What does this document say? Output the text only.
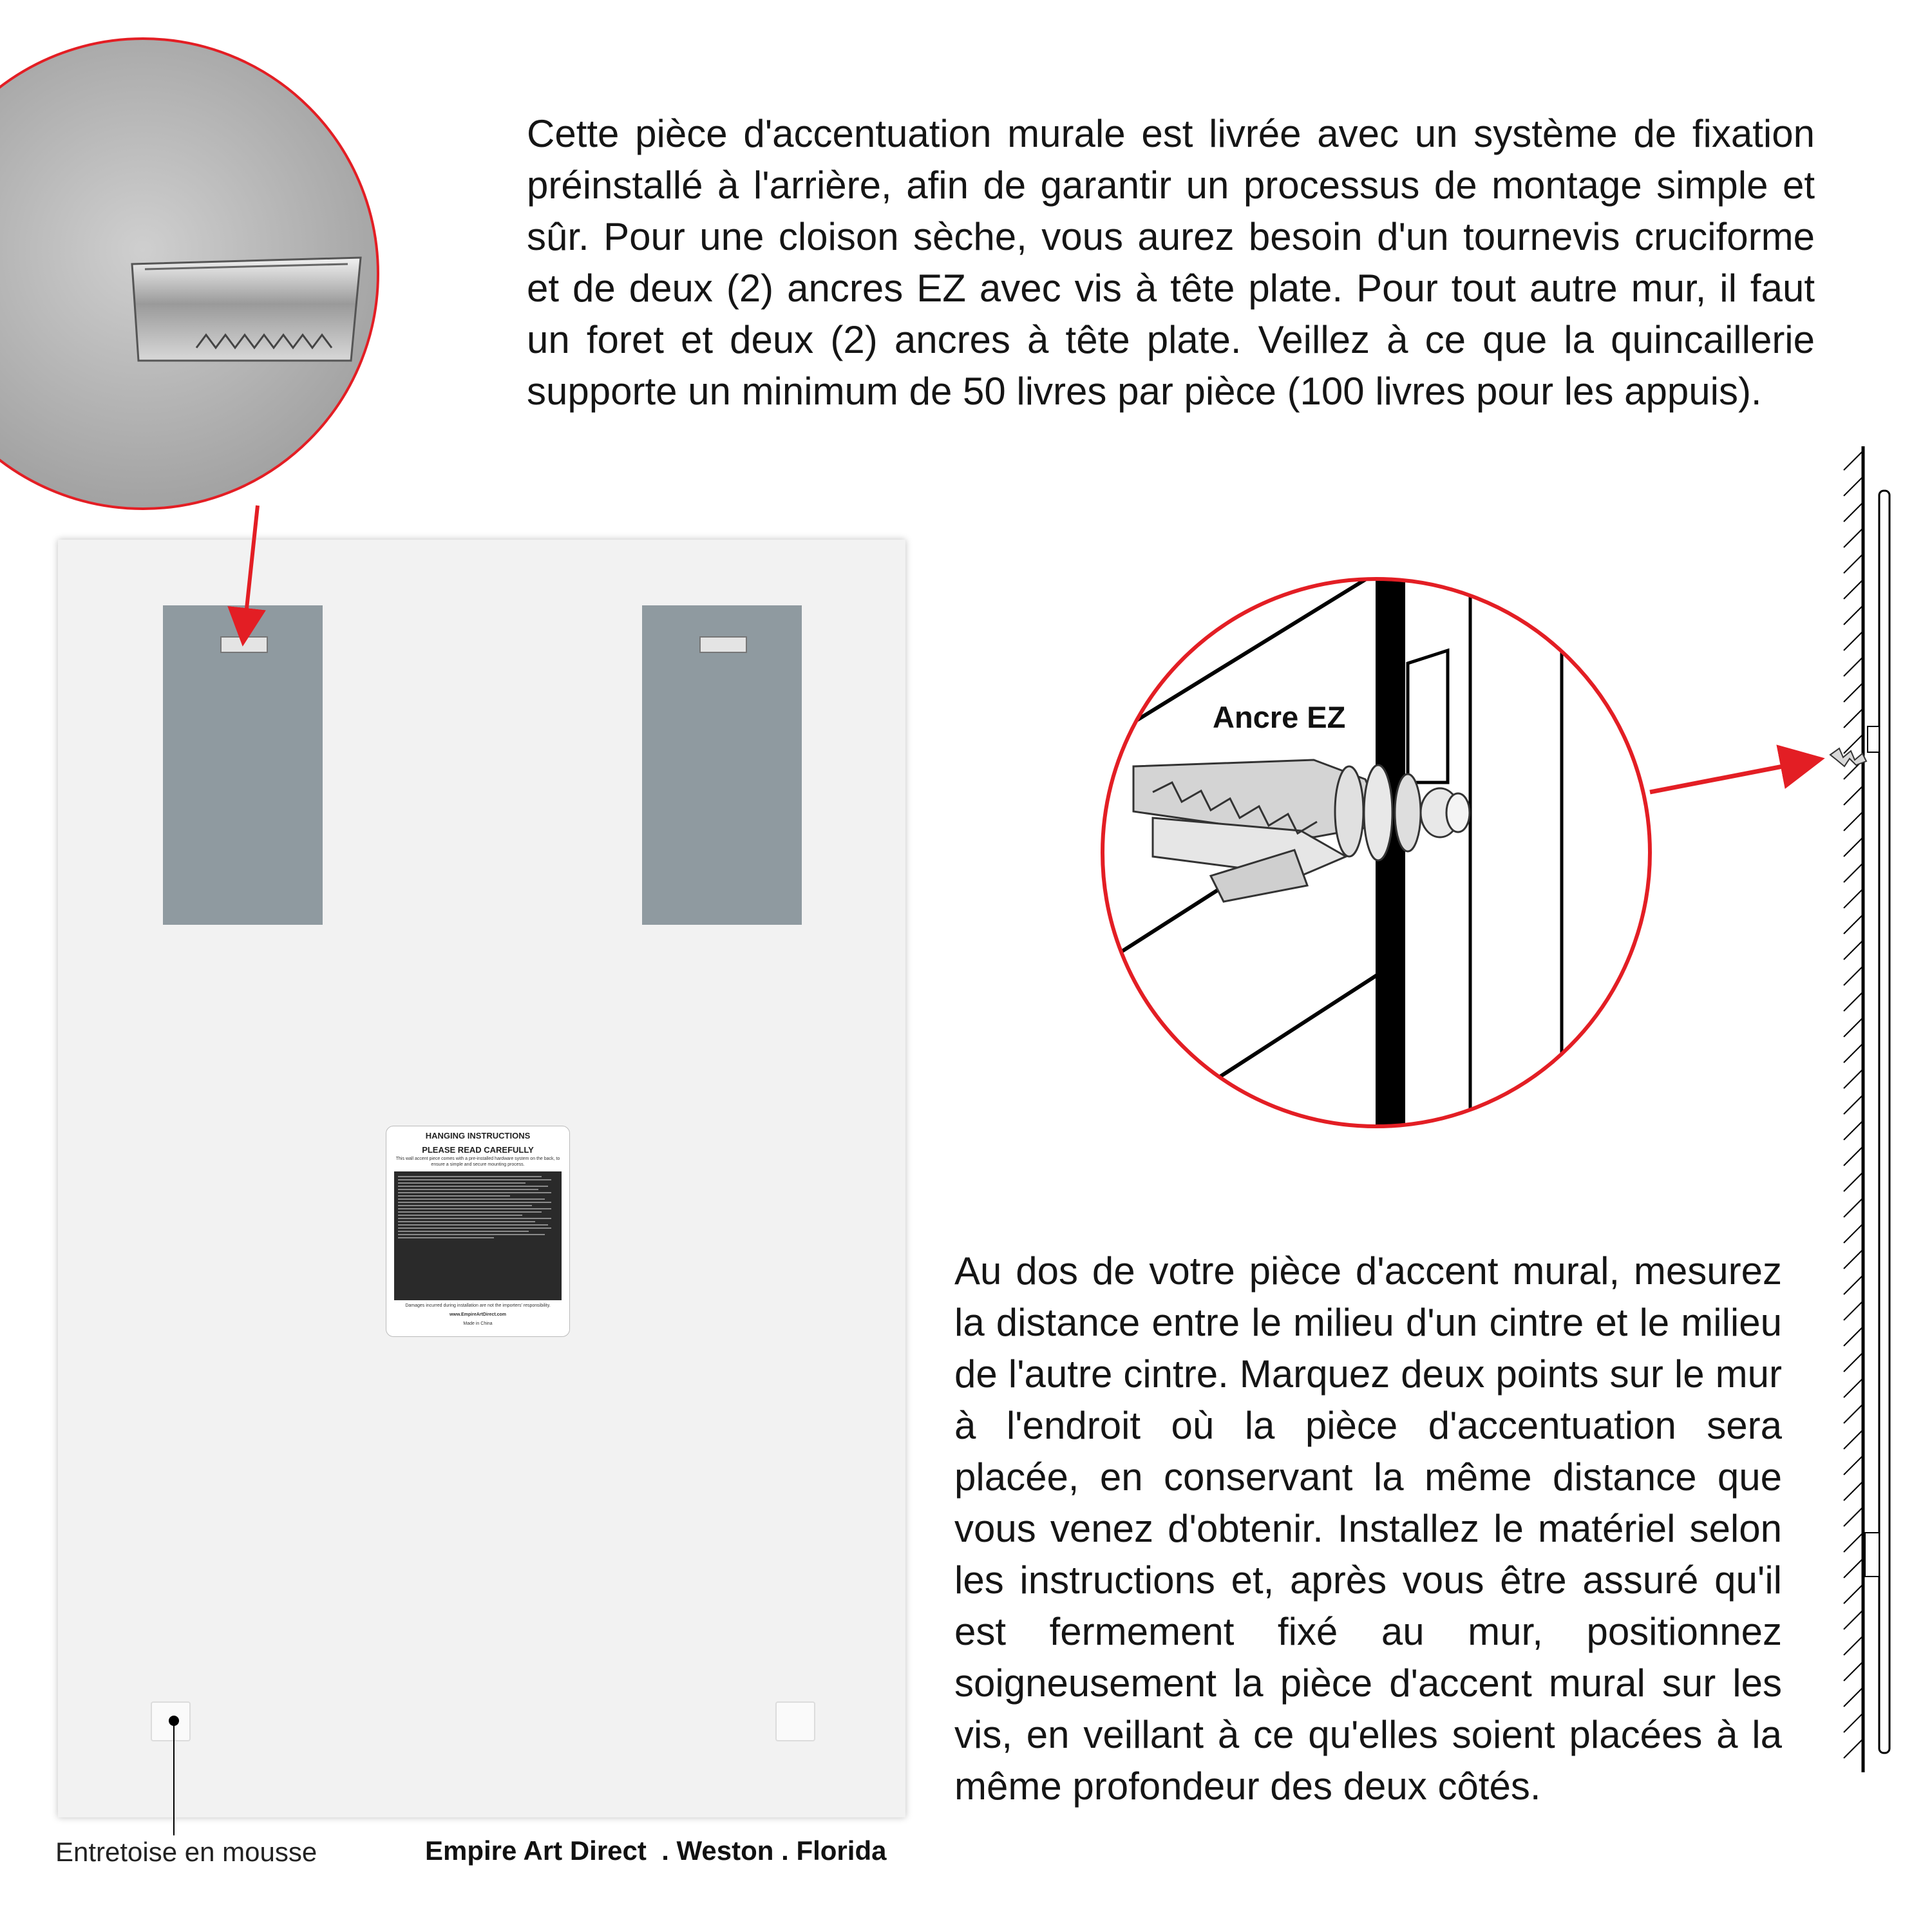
Cette pièce d'accentuation murale est livrée avec un système de fixation préinstallé à l'arrière, afin de garantir un processus de montage simple et sûr. Pour une cloison sèche, vous aurez besoin d'un tournevis cruciforme et de deux (2) ancres EZ avec vis à tête plate. Pour tout autre mur, il faut un foret et deux (2) ancres à tête plate. Veillez à ce que la quincaillerie supporte un minimum de 50 livres par pièce (100 livres pour les appuis).
Au dos de votre pièce d'accent mural, mesurez la distance entre le milieu d'un cintre et le milieu de l'autre cintre. Marquez deux points sur le mur à l'endroit où la pièce d'accentuation sera placée, en conservant la même distance que vous venez d'obtenir. Installez le matériel selon les instructions et, après vous être assuré qu'il est fermement fixé au mur, positionnez soigneusement la pièce d'accent mural sur les vis, en veillant à ce qu'elles soient placées à la même profondeur des deux côtés.
HANGING INSTRUCTIONS
PLEASE READ CAREFULLY
This wall accent piece comes with a pre-installed hardware system on the back, to ensure a simple and secure mounting process.
Damages incurred during installation are not the importers' responsibility.
www.EmpireArtDirect.com
Made in China
Entretoise en mousse	Empire Art Direct  . Weston . Florida
Ancre EZ
